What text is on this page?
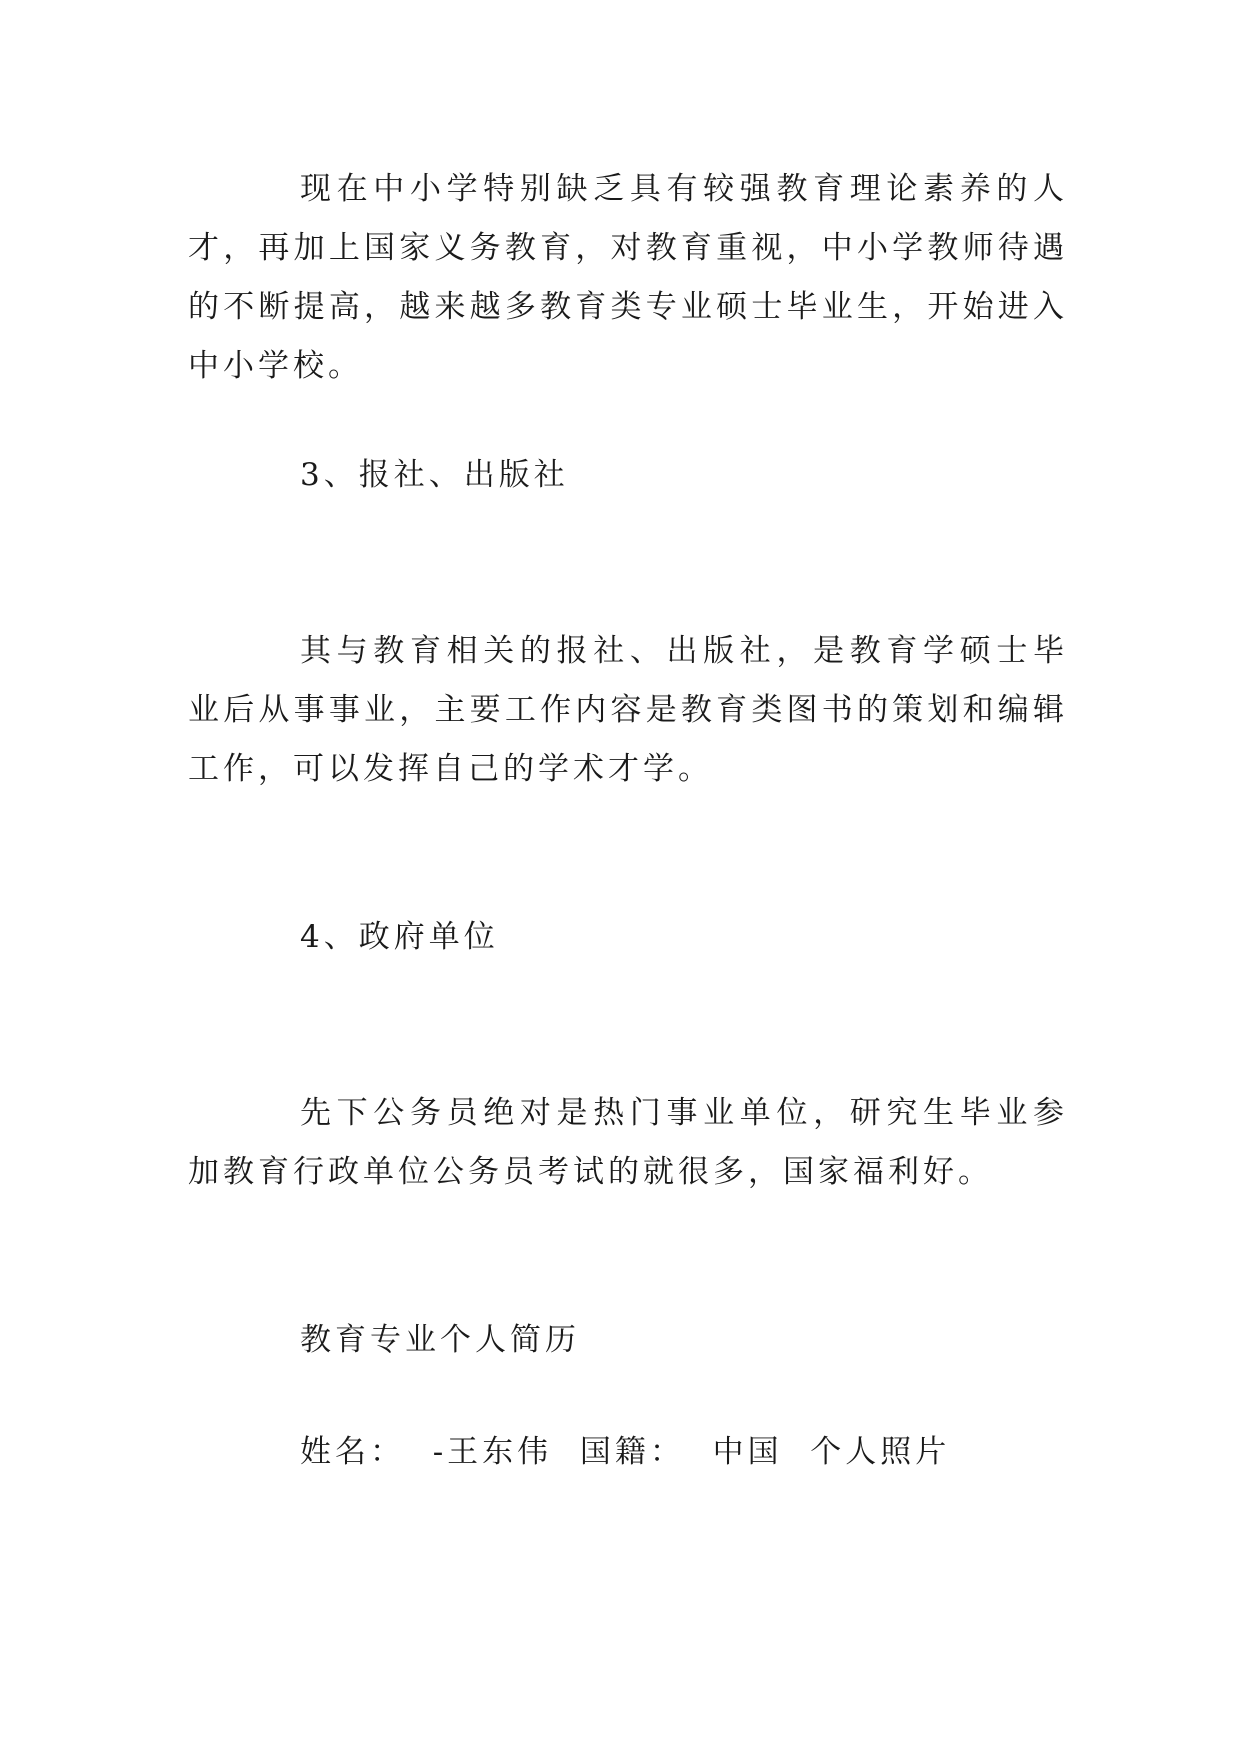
现在中小学特别缺乏具有较强教育理论素养的人才，再加上国家义务教育，对教育重视，中小学教师待遇的不断提高，越来越多教育类专业硕士毕业生，开始进入中小学校。

3、报社、出版社

其与教育相关的报社、出版社，是教育学硕士毕业后从事事业，主要工作内容是教育类图书的策划和编辑工作，可以发挥自己的学术才学。

4、政府单位

先下公务员绝对是热门事业单位，研究生毕业参加教育行政单位公务员考试的就很多，国家福利好。

教育专业个人简历

姓名：  -王东伟  国籍：  中国  个人照片
